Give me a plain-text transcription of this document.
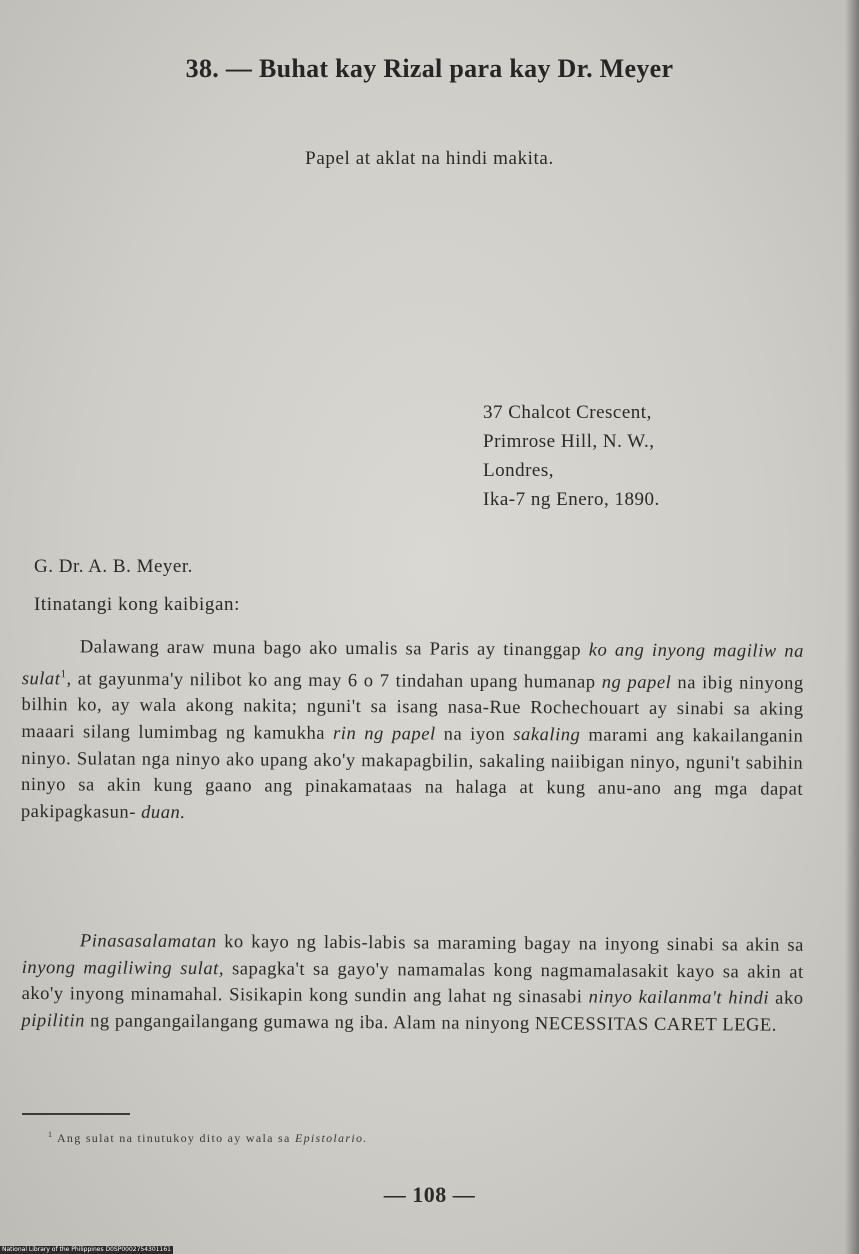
38. — Buhat kay Rizal para kay Dr. Meyer
Papel at aklat na hindi makita.
37 Chalcot Crescent,
Primrose Hill, N. W.,
Londres,
Ika-7 ng Enero, 1890.
G. Dr. A. B. Meyer.
Itinatangi kong kaibigan:
Dalawang araw muna bago ako umalis sa Paris ay tinanggap ko ang inyong magiliw na sulat$^1$, at gayunma'y nilibot ko ang may 6 o 7 tindahan upang humanap ng papel na ibig ninyong bilhin ko, ay wala akong nakita; nguni't sa isang nasa-Rue Rochechouart ay sinabi sa aking maaari silang lumimbag ng kamukha rin ng papel na iyon sakaling marami ang kakailanganin ninyo. Sulatan nga ninyo ako upang ako'y makapagbilin, sakaling naiibigan ninyo, nguni't sabihin ninyo sa akin kung gaano ang pinakamataas na halaga at kung anu-ano ang mga dapat pakipagkasun- duan.
Pinasasalamatan ko kayo ng labis-labis sa maraming bagay na inyong sinabi sa akin sa inyong magiliwing sulat, sapagka't sa gayo'y namamalas kong nagmamalasakit kayo sa akin at ako'y inyong minamahal. Sisikapin kong sundin ang lahat ng sinasabi ninyo kailanma't hindi ako pipilitin ng pangangailangang gumawa ng iba. Alam na ninyong NECESSITAS CARET LEGE.
$^1$ Ang sulat na tinutukoy dito ay wala sa Epistolario.
— 108 —
National Library of the Philippines D0SP0002754301161
